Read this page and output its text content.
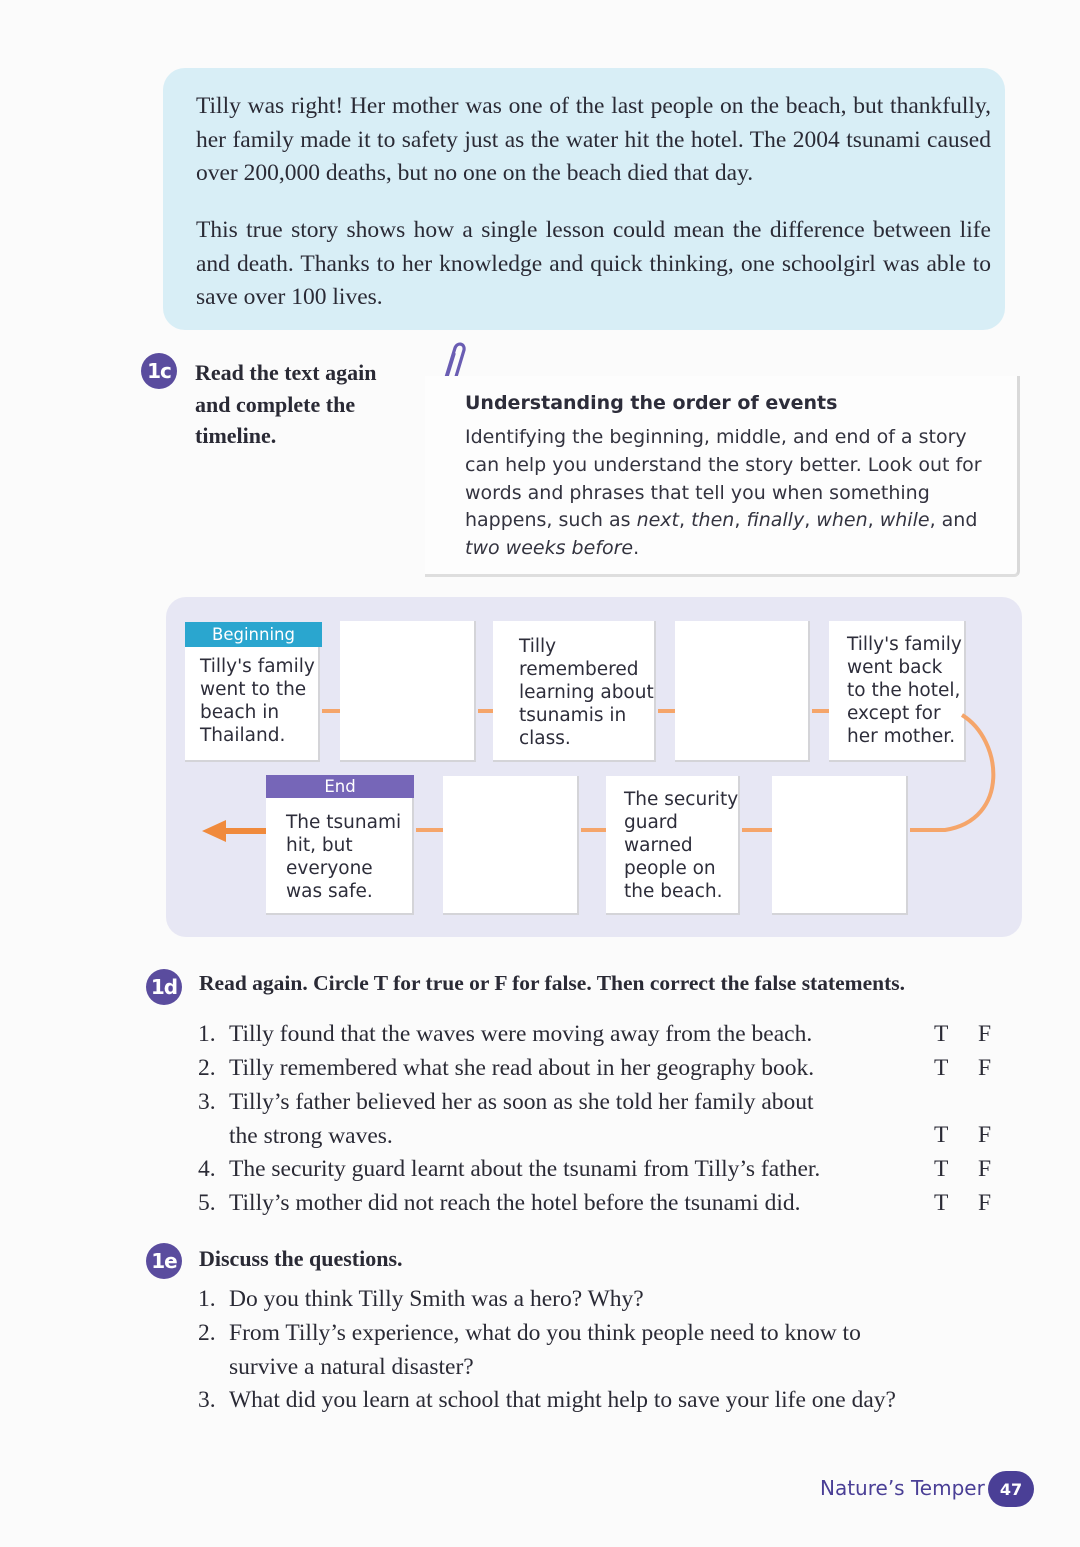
Tilly was right! Her mother was one of the last people on the beach, but thankfully, her family made it to safety just as the water hit the hotel. The 2004 tsunami caused over 200,000 deaths, but no one on the beach died that day.

This true story shows how a single lesson could mean the difference between life and death. Thanks to her knowledge and quick thinking, one schoolgirl was able to save over 100 lives.

1c Read the text again
and complete the
timeline.
Understanding the order of events

Identifying the beginning, middle, and end of a story can help you understand the story better. Look out for words and phrases that tell you when something happens, such as next, then, finally, when, while, and two weeks before.

Beginning

Tilly's family went to the beach in Thailand.

Tilly remembered learning about tsunamis in class.

Tilly's family went back to the hotel, except for her mother.

End

The tsunami hit, but everyone was safe.

The security guard warned people on the beach.

1d Read again. Circle T for true or F for false. Then correct the false statements.
1. Tilly found that the waves were moving away from the beach.
2. Tilly remembered what she read about in her geography book.
3. Tilly’s father believed her as soon as she told her family about
the strong waves.
4. The security guard learnt about the tsunami from Tilly’s father.
5. Tilly’s mother did not reach the hotel before the tsunami did.
T F
T F
T F
T F
T F
1e Discuss the questions.
1. Do you think Tilly Smith was a hero? Why?
2. From Tilly’s experience, what do you think people need to know to
survive a natural disaster?
3. What did you learn at school that might help to save your life one day?
Nature’s Temper 47
